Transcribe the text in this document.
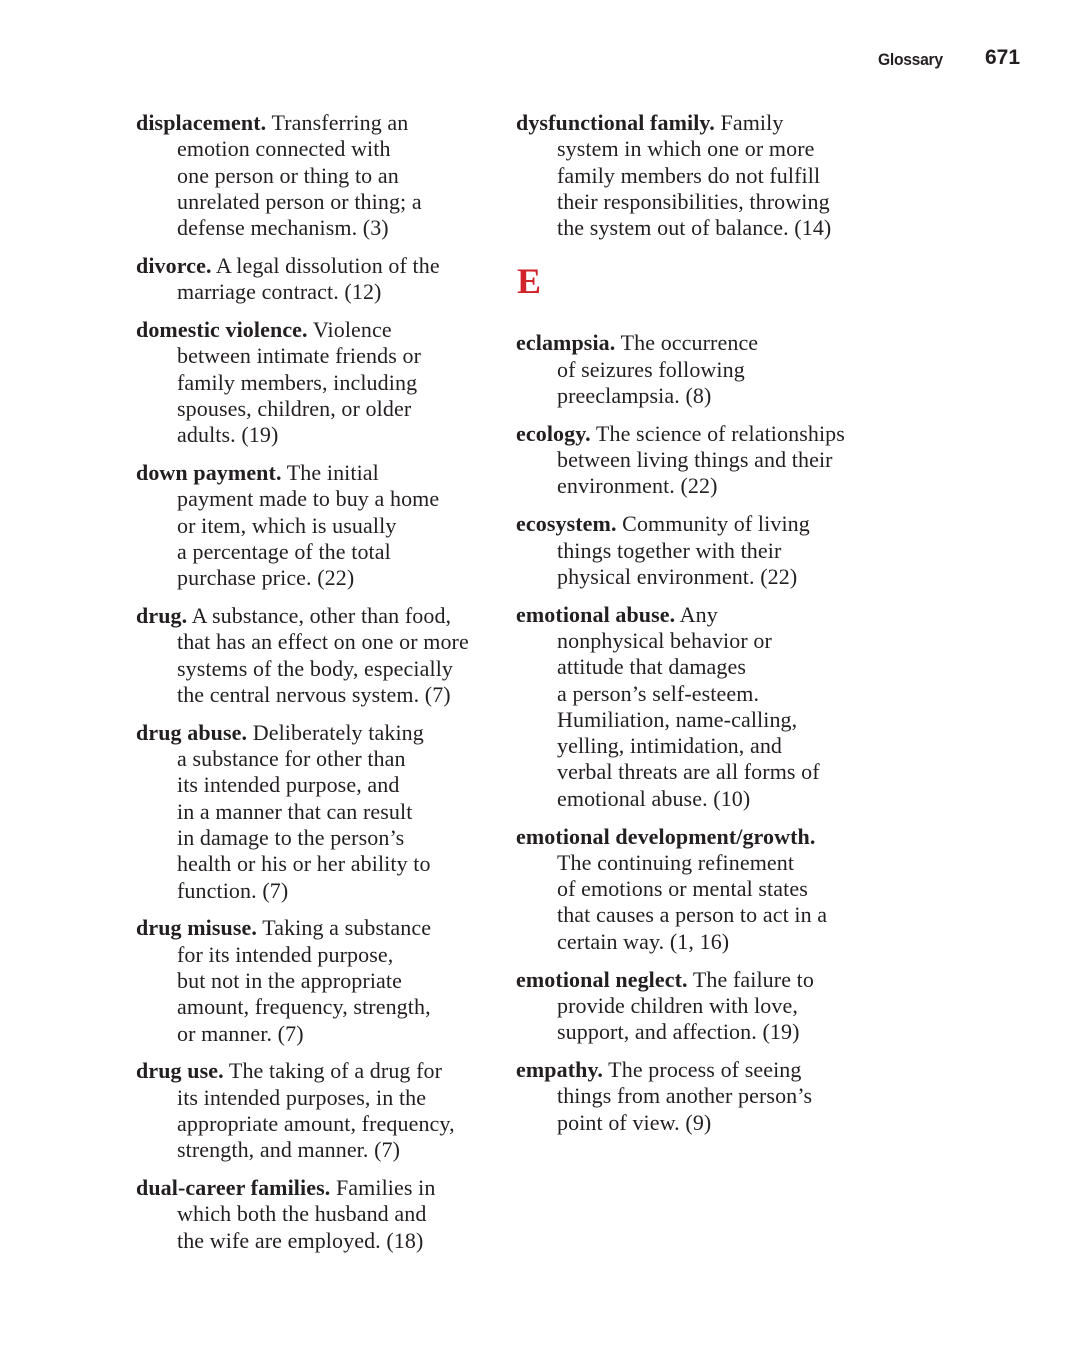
Glossary 671
displacement. Transferring an
emotion connected with
one person or thing to an
unrelated person or thing; a
defense mechanism. (3)
divorce. A legal dissolution of the
marriage contract. (12)
domestic violence. Violence
between intimate friends or
family members, including
spouses, children, or older
adults. (19)
down payment. The initial
payment made to buy a home
or item, which is usually
a percentage of the total
purchase price. (22)
drug. A substance, other than food,
that has an effect on one or more
systems of the body, especially
the central nervous system. (7)
drug abuse. Deliberately taking
a substance for other than
its intended purpose, and
in a manner that can result
in damage to the person’s
health or his or her ability to
function. (7)
drug misuse. Taking a substance
for its intended purpose,
but not in the appropriate
amount, frequency, strength,
or manner. (7)
drug use. The taking of a drug for
its intended purposes, in the
appropriate amount, frequency,
strength, and manner. (7)
dual-career families. Families in
which both the husband and
the wife are employed. (18)
dysfunctional family. Family
system in which one or more
family members do not fulfill
their responsibilities, throwing
the system out of balance. (14)
E
eclampsia. The occurrence
of seizures following
preeclampsia. (8)
ecology. The science of relationships
between living things and their
environment. (22)
ecosystem. Community of living
things together with their
physical environment. (22)
emotional abuse. Any
nonphysical behavior or
attitude that damages
a person’s self-esteem.
Humiliation, name-calling,
yelling, intimidation, and
verbal threats are all forms of
emotional abuse. (10)
emotional development/growth.
The continuing refinement
of emotions or mental states
that causes a person to act in a
certain way. (1, 16)
emotional neglect. The failure to
provide children with love,
support, and affection. (19)
empathy. The process of seeing
things from another person’s
point of view. (9)
